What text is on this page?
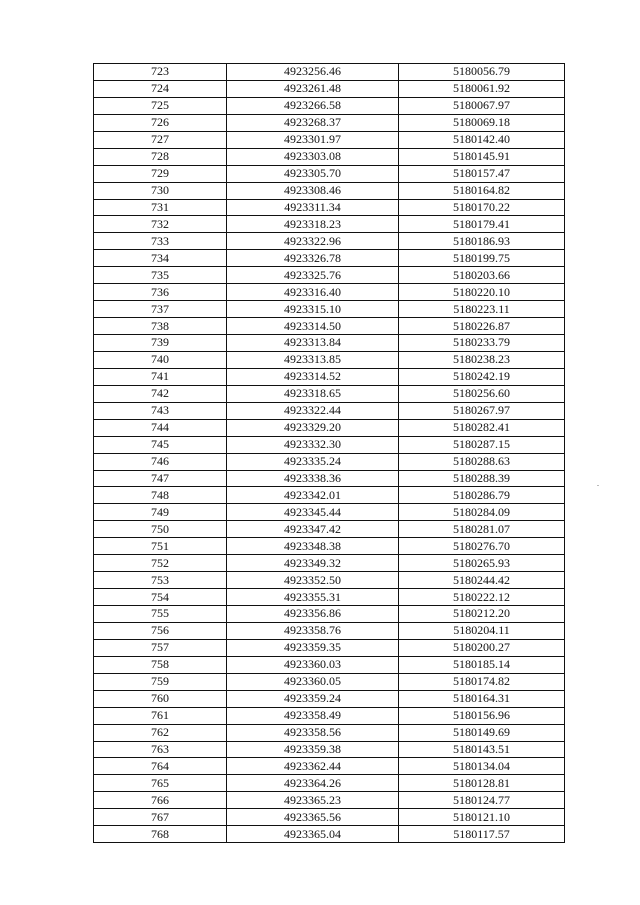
723	4923256.46	5180056.79
724	4923261.48	5180061.92
725	4923266.58	5180067.97
726	4923268.37	5180069.18
727	4923301.97	5180142.40
728	4923303.08	5180145.91
729	4923305.70	5180157.47
730	4923308.46	5180164.82
731	4923311.34	5180170.22
732	4923318.23	5180179.41
733	4923322.96	5180186.93
734	4923326.78	5180199.75
735	4923325.76	5180203.66
736	4923316.40	5180220.10
737	4923315.10	5180223.11
738	4923314.50	5180226.87
739	4923313.84	5180233.79
740	4923313.85	5180238.23
741	4923314.52	5180242.19
742	4923318.65	5180256.60
743	4923322.44	5180267.97
744	4923329.20	5180282.41
745	4923332.30	5180287.15
746	4923335.24	5180288.63
747	4923338.36	5180288.39
748	4923342.01	5180286.79
749	4923345.44	5180284.09
750	4923347.42	5180281.07
751	4923348.38	5180276.70
752	4923349.32	5180265.93
753	4923352.50	5180244.42
754	4923355.31	5180222.12
755	4923356.86	5180212.20
756	4923358.76	5180204.11
757	4923359.35	5180200.27
758	4923360.03	5180185.14
759	4923360.05	5180174.82
760	4923359.24	5180164.31
761	4923358.49	5180156.96
762	4923358.56	5180149.69
763	4923359.38	5180143.51
764	4923362.44	5180134.04
765	4923364.26	5180128.81
766	4923365.23	5180124.77
767	4923365.56	5180121.10
768	4923365.04	5180117.57
